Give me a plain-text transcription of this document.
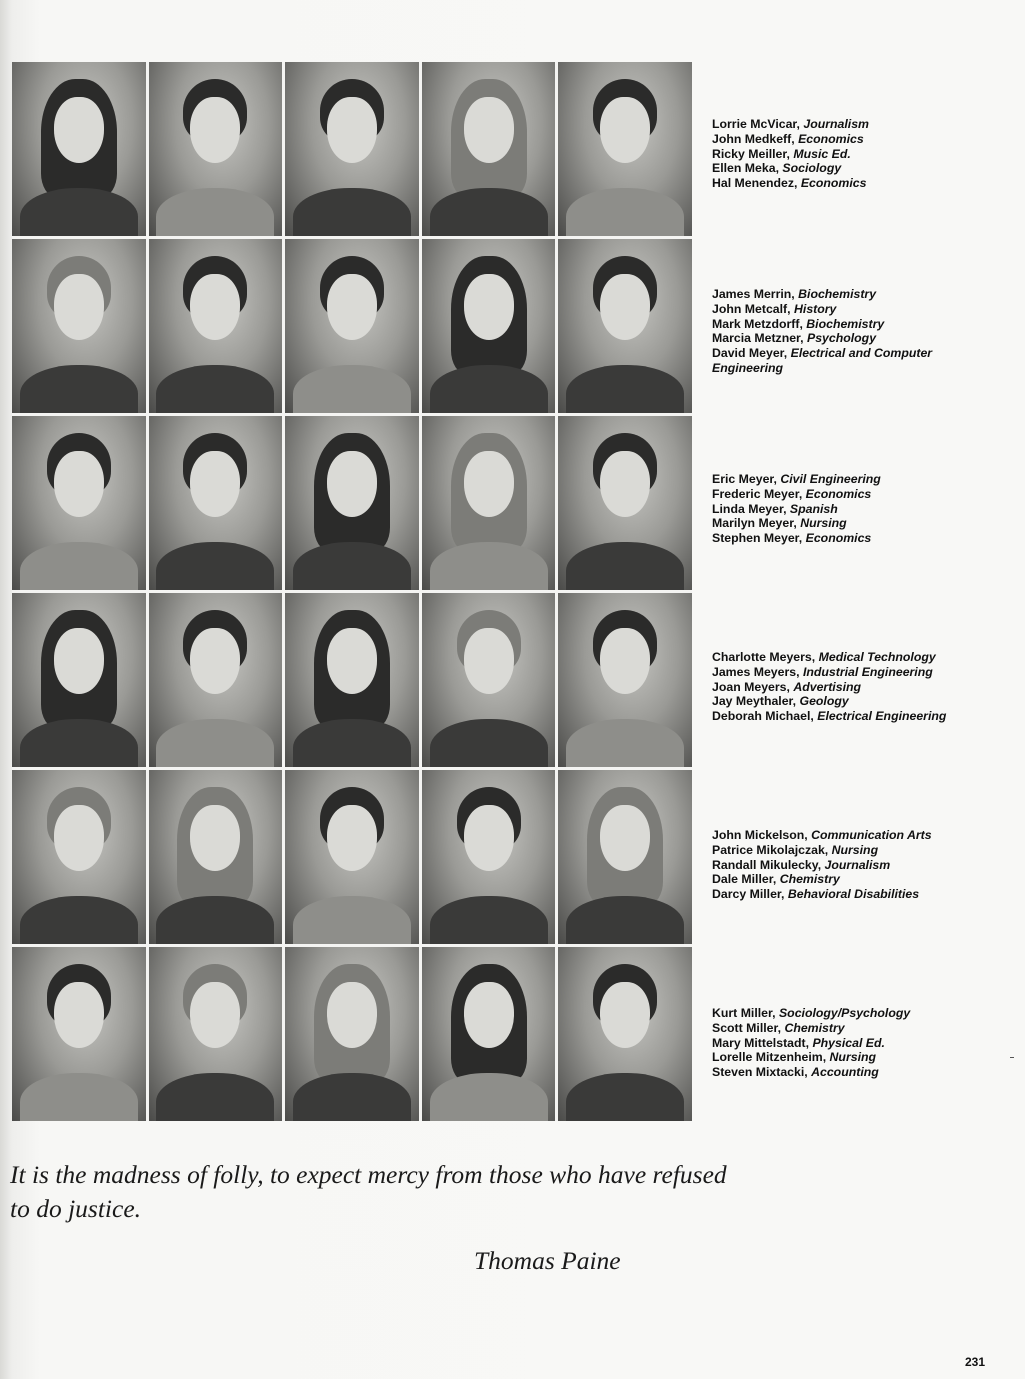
Lorrie McVicar, Journalism
John Medkeff, Economics
Ricky Meiller, Music Ed.
Ellen Meka, Sociology
Hal Menendez, Economics
James Merrin, Biochemistry
John Metcalf, History
Mark Metzdorff, Biochemistry
Marcia Metzner, Psychology
David Meyer, Electrical and Computer
Engineering
Eric Meyer, Civil Engineering
Frederic Meyer, Economics
Linda Meyer, Spanish
Marilyn Meyer, Nursing
Stephen Meyer, Economics
Charlotte Meyers, Medical Technology
James Meyers, Industrial Engineering
Joan Meyers, Advertising
Jay Meythaler, Geology
Deborah Michael, Electrical Engineering
John Mickelson, Communication Arts
Patrice Mikolajczak, Nursing
Randall Mikulecky, Journalism
Dale Miller, Chemistry
Darcy Miller, Behavioral Disabilities
Kurt Miller, Sociology/Psychology
Scott Miller, Chemistry
Mary Mittelstadt, Physical Ed.
Lorelle Mitzenheim, Nursing
Steven Mixtacki, Accounting

It is the madness of folly, to expect mercy from those who have refused to do justice.

Thomas Paine
231
